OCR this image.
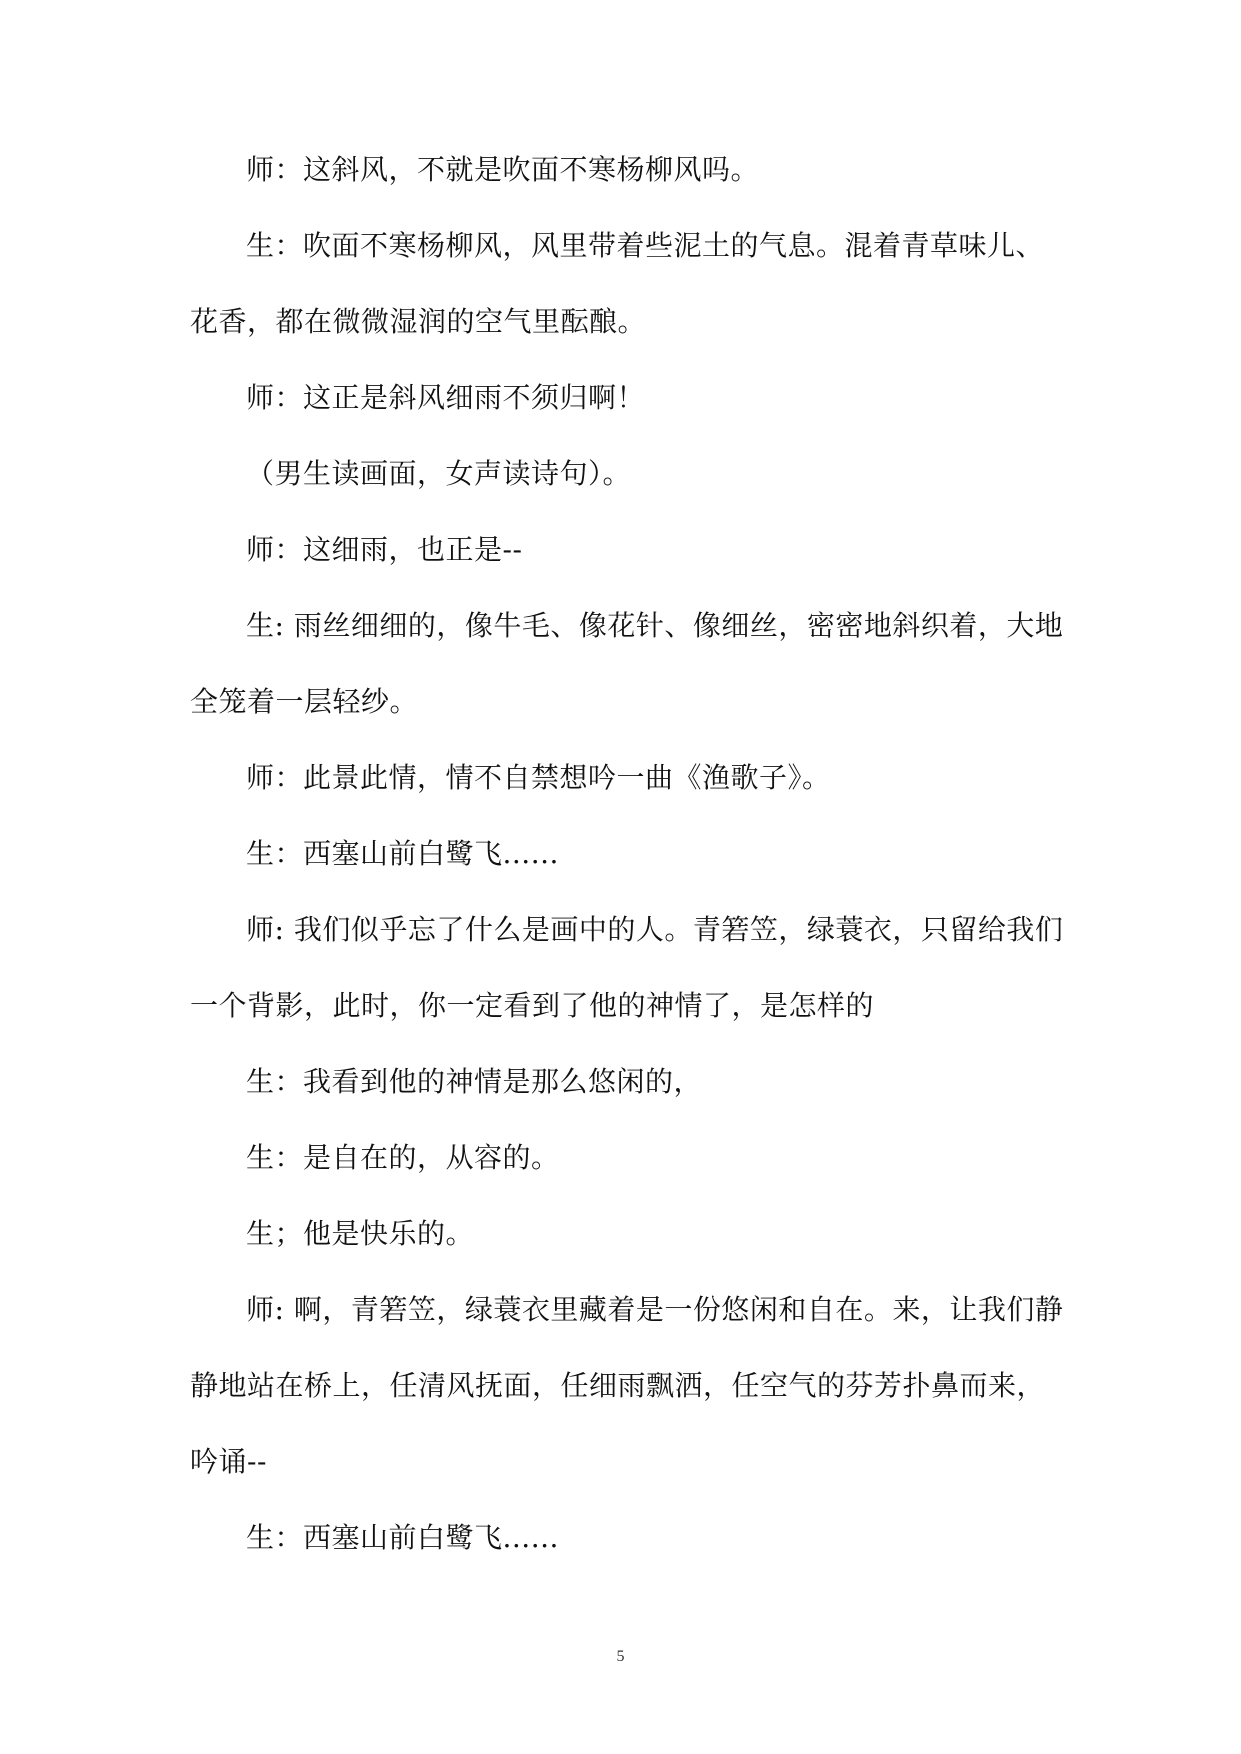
师：这斜风，不就是吹面不寒杨柳风吗。

生：吹面不寒杨柳风，风里带着些泥土的气息。混着青草味儿、花香，都在微微湿润的空气里酝酿。

师：这正是斜风细雨不须归啊！

（男生读画面，女声读诗句）。

师：这细雨，也正是--

生: 雨丝细细的，像牛毛、像花针、像细丝，密密地斜织着，大地全笼着一层轻纱。

师：此景此情，情不自禁想吟一曲《渔歌子》。

生：西塞山前白鹭飞......

师: 我们似乎忘了什么是画中的人。青箬笠，绿蓑衣，只留给我们一个背影，此时，你一定看到了他的神情了，是怎样的

生：我看到他的神情是那么悠闲的，

生：是自在的，从容的。

生；他是快乐的。

师: 啊，青箬笠，绿蓑衣里藏着是一份悠闲和自在。来，让我们静静地站在桥上，任清风抚面，任细雨飘洒，任空气的芬芳扑鼻而来，吟诵--

生：西塞山前白鹭飞......

5
